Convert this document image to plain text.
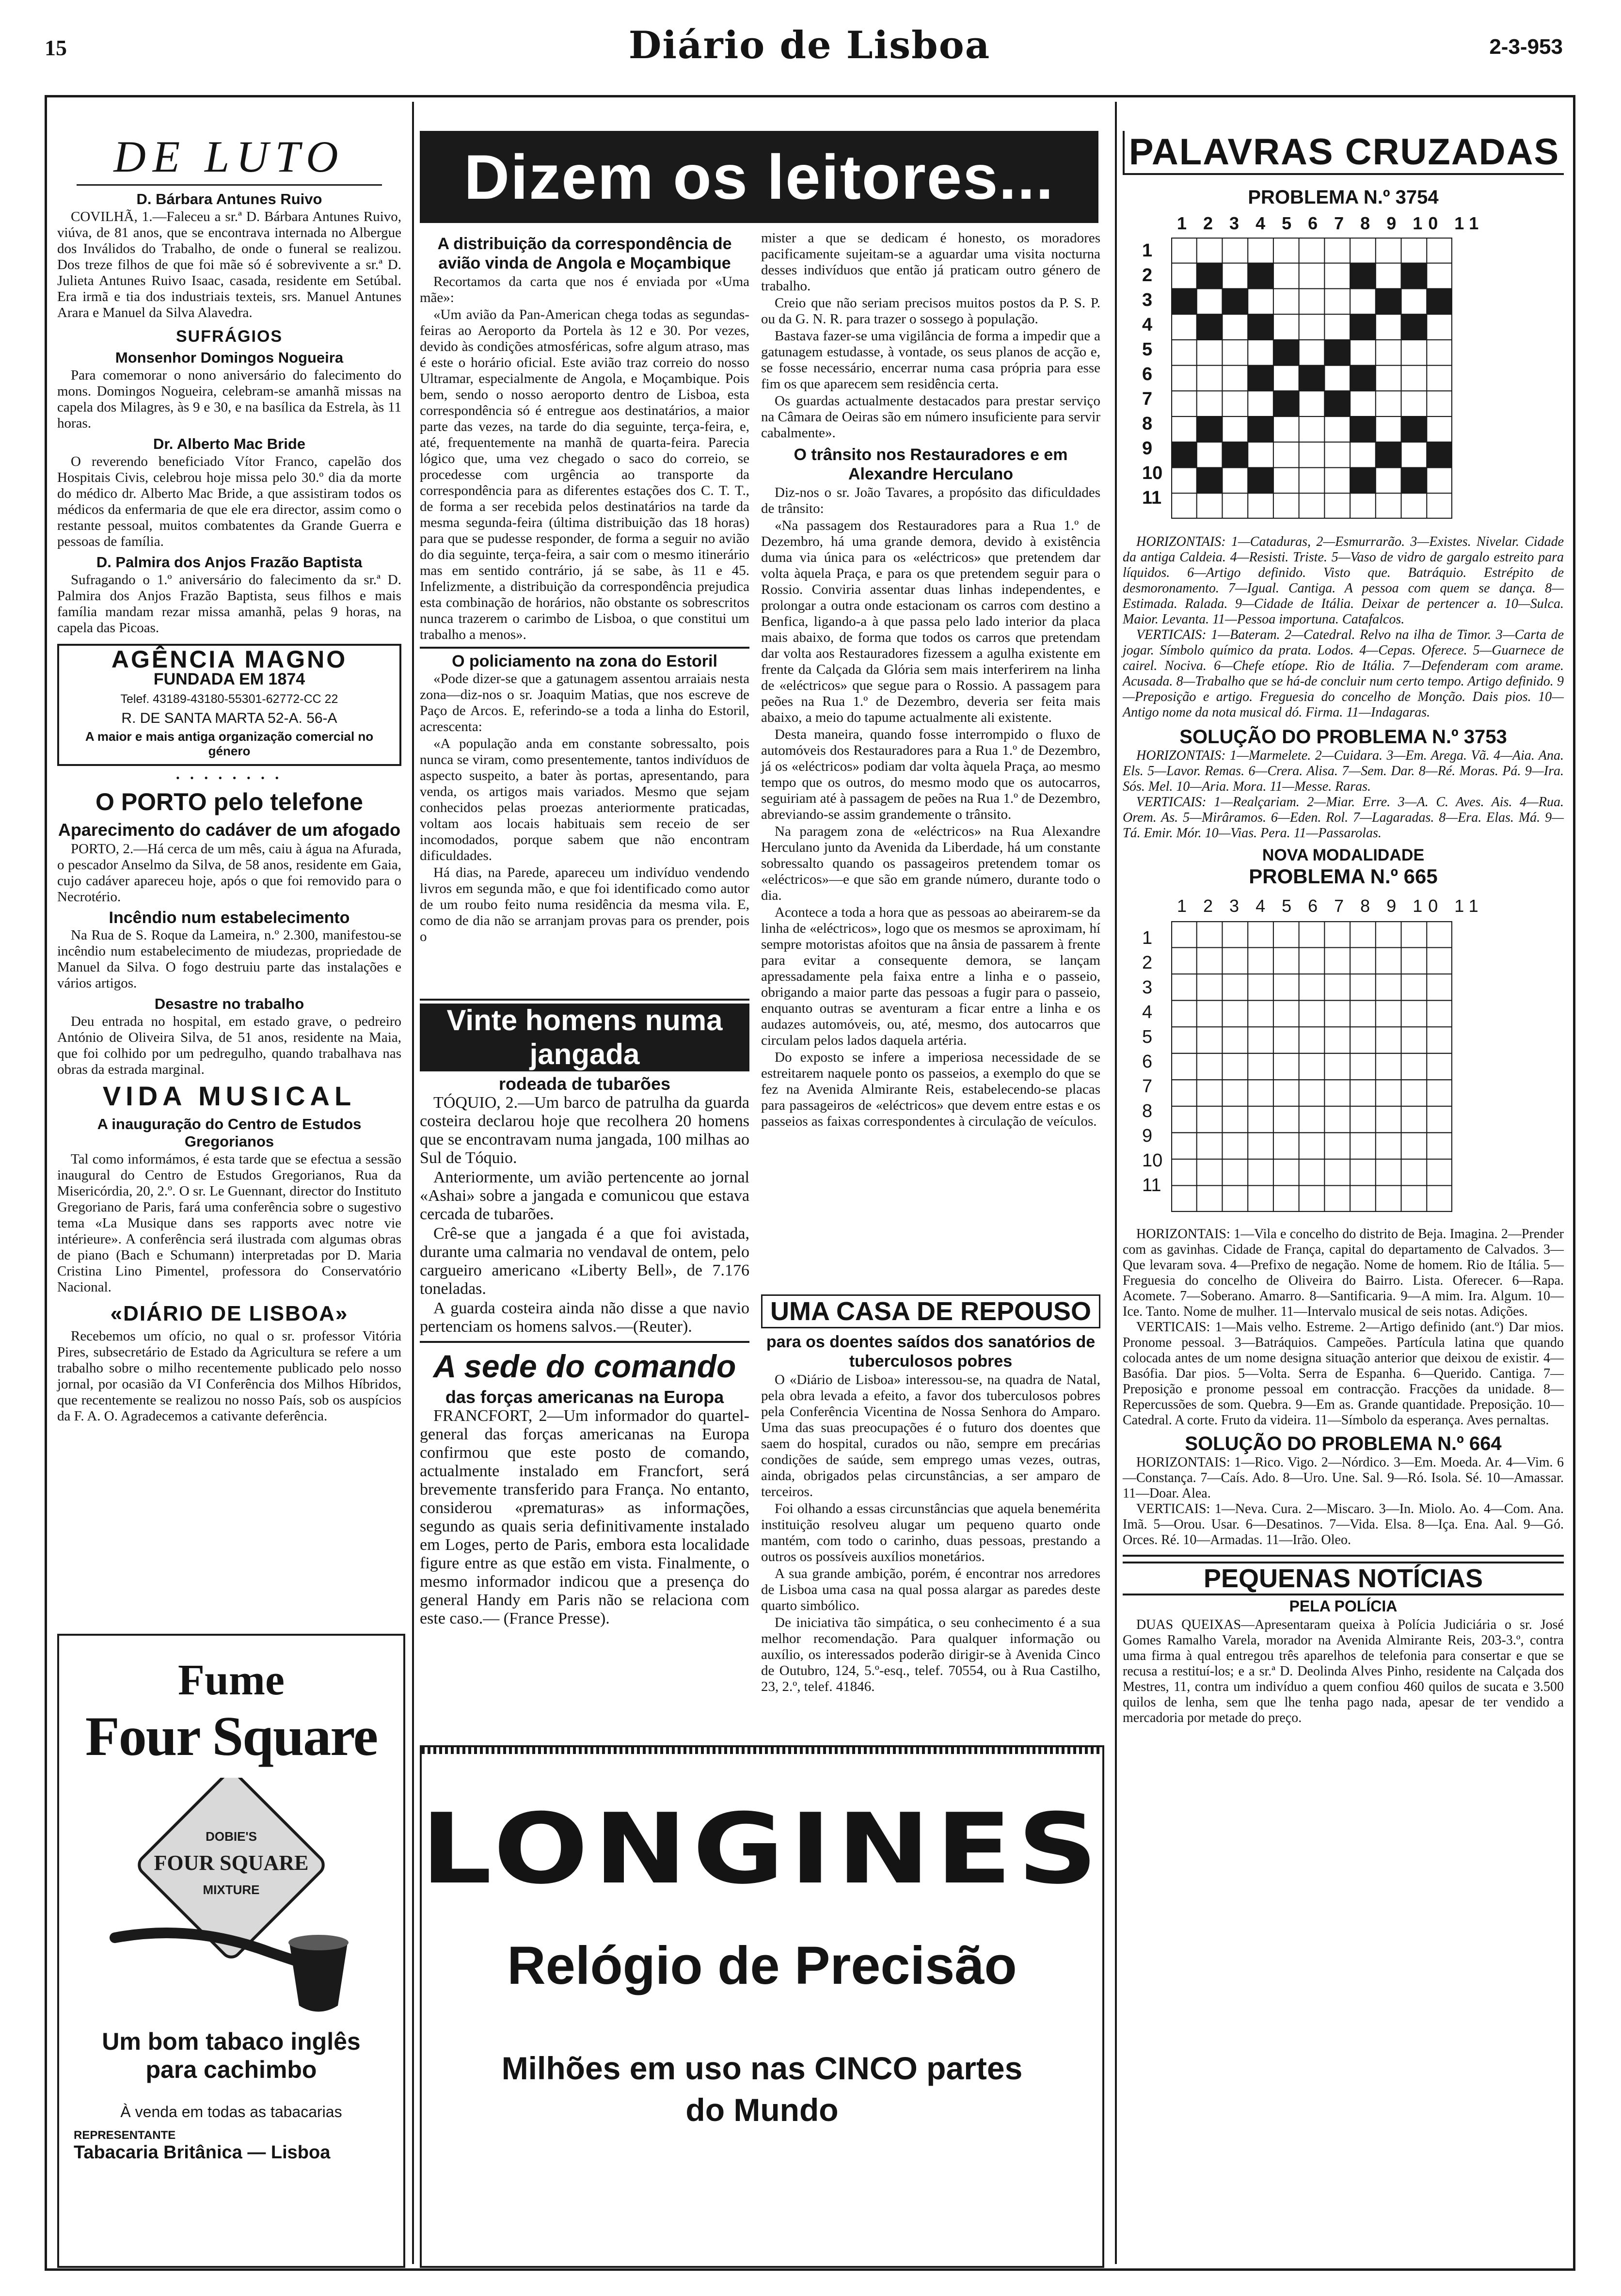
15	Diário de Lisboa	2-3-953
DE LUTO

D. Bárbara Antunes Ruivo

COVILHÃ, 1.—Faleceu a sr.ª D. Bárbara Antunes Ruivo, viúva, de 81 anos, que se encontrava internada no Albergue dos Inválidos do Trabalho, de onde o funeral se realizou. Dos treze filhos de que foi mãe só é sobrevivente a sr.ª D. Julieta Antunes Ruivo Isaac, casada, residente em Setúbal. Era irmã e tia dos industriais texteis, srs. Manuel Antunes Arara e Manuel da Silva Alavedra.

SUFRÁGIOS

Monsenhor Domingos Nogueira

Para comemorar o nono aniversário do falecimento do mons. Domingos Nogueira, celebram-se amanhã missas na capela dos Milagres, às 9 e 30, e na basílica da Estrela, às 11 horas.

Dr. Alberto Mac Bride

O reverendo beneficiado Vítor Franco, capelão dos Hospitais Civis, celebrou hoje missa pelo 30.º dia da morte do médico dr. Alberto Mac Bride, a que assistiram todos os médicos da enfermaria de que ele era director, assim como o restante pessoal, muitos combatentes da Grande Guerra e pessoas de família.

D. Palmira dos Anjos Frazão Baptista

Sufragando o 1.º aniversário do falecimento da sr.ª D. Palmira dos Anjos Frazão Baptista, seus filhos e mais família mandam rezar missa amanhã, pelas 9 horas, na capela das Picoas.

AGÊNCIA MAGNO
FUNDADA EM 1874
Telef. 43189-43180-55301-62772-CC 22
R. DE SANTA MARTA 52-A. 56-A
A maior e mais antiga organização comercial no género
• • • • • • • •

O PORTO pelo telefone

Aparecimento do cadáver de um afogado

PORTO, 2.—Há cerca de um mês, caiu à água na Afurada, o pescador Anselmo da Silva, de 58 anos, residente em Gaia, cujo cadáver apareceu hoje, após o que foi removido para o Necrotério.

Incêndio num estabelecimento

Na Rua de S. Roque da Lameira, n.º 2.300, manifestou-se incêndio num estabelecimento de miudezas, propriedade de Manuel da Silva. O fogo destruiu parte das instalações e vários artigos.

Desastre no trabalho

Deu entrada no hospital, em estado grave, o pedreiro António de Oliveira Silva, de 51 anos, residente na Maia, que foi colhido por um pedregulho, quando trabalhava nas obras da estrada marginal.

VIDA MUSICAL

A inauguração do Centro de Estudos Gregorianos

Tal como informámos, é esta tarde que se efectua a sessão inaugural do Centro de Estudos Gregorianos, Rua da Misericórdia, 20, 2.º. O sr. Le Guennant, director do Instituto Gregoriano de Paris, fará uma conferência sobre o sugestivo tema «La Musique dans ses rapports avec notre vie intérieure». A conferência será ilustrada com algumas obras de piano (Bach e Schumann) interpretadas por D. Maria Cristina Lino Pimentel, professora do Conservatório Nacional.

«DIÁRIO DE LISBOA»

Recebemos um ofício, no qual o sr. professor Vitória Pires, subsecretário de Estado da Agricultura se refere a um trabalho sobre o milho recentemente publicado pelo nosso jornal, por ocasião da VI Conferência dos Milhos Híbridos, que recentemente se realizou no nosso País, sob os auspícios da F. A. O. Agradecemos a cativante deferência.

Fume
Four Square
DOBIE'S
FOUR SQUARE
MIXTURE
Um bom tabaco inglês
para cachimbo
À venda em todas as tabacarias
REPRESENTANTE
Tabacaria Britânica — Lisboa
Dizem os leitores...

A distribuição da correspondência de avião vinda de Angola e Moçambique

Recortamos da carta que nos é enviada por «Uma mãe»:

«Um avião da Pan-American chega todas as segundas-feiras ao Aeroporto da Portela às 12 e 30. Por vezes, devido às condições atmosféricas, sofre algum atraso, mas é este o horário oficial. Este avião traz correio do nosso Ultramar, especialmente de Angola, e Moçambique. Pois bem, sendo o nosso aeroporto dentro de Lisboa, esta correspondência só é entregue aos destinatários, a maior parte das vezes, na tarde do dia seguinte, terça-feira, e, até, frequentemente na manhã de quarta-feira. Parecia lógico que, uma vez chegado o saco do correio, se procedesse com urgência ao transporte da correspondência para as diferentes estações dos C. T. T., de forma a ser recebida pelos destinatários na tarde da mesma segunda-feira (última distribuição das 18 horas) para que se pudesse responder, de forma a seguir no avião do dia seguinte, terça-feira, a sair com o mesmo itinerário mas em sentido contrário, já se sabe, às 11 e 45. Infelizmente, a distribuição da correspondência prejudica esta combinação de horários, não obstante os sobrescritos nunca trazerem o carimbo de Lisboa, o que constitui um trabalho a menos».

O policiamento na zona do Estoril

«Pode dizer-se que a gatunagem assentou arraiais nesta zona—diz-nos o sr. Joaquim Matias, que nos escreve de Paço de Arcos. E, referindo-se a toda a linha do Estoril, acrescenta:

«A população anda em constante sobressalto, pois nunca se viram, como presentemente, tantos indivíduos de aspecto suspeito, a bater às portas, apresentando, para venda, os artigos mais variados. Mesmo que sejam conhecidos pelas proezas anteriormente praticadas, voltam aos locais habituais sem receio de ser incomodados, porque sabem que não encontram dificuldades.

Há dias, na Parede, apareceu um indivíduo vendendo livros em segunda mão, e que foi identificado como autor de um roubo feito numa residência da mesma vila. E, como de dia não se arranjam provas para os prender, pois o

mister a que se dedicam é honesto, os moradores pacificamente sujeitam-se a aguardar uma visita nocturna desses indivíduos que então já praticam outro género de trabalho.

Creio que não seriam precisos muitos postos da P. S. P. ou da G. N. R. para trazer o sossego à população.

Bastava fazer-se uma vigilância de forma a impedir que a gatunagem estudasse, à vontade, os seus planos de acção e, se fosse necessário, encerrar numa casa própria para esse fim os que aparecem sem residência certa.

Os guardas actualmente destacados para prestar serviço na Câmara de Oeiras são em número insuficiente para servir cabalmente».

O trânsito nos Restauradores e em Alexandre Herculano

Diz-nos o sr. João Tavares, a propósito das dificuldades de trânsito:

«Na passagem dos Restauradores para a Rua 1.º de Dezembro, há uma grande demora, devido à existência duma via única para os «eléctricos» que pretendem dar volta àquela Praça, e para os que pretendem seguir para o Rossio. Conviria assentar duas linhas independentes, e prolongar a outra onde estacionam os carros com destino a Benfica, ligando-a à que passa pelo lado interior da placa mais abaixo, de forma que todos os carros que pretendam dar volta aos Restauradores fizessem a agulha existente em frente da Calçada da Glória sem mais interferirem na linha de «eléctricos» que segue para o Rossio. A passagem para peões na Rua 1.º de Dezembro, deveria ser feita mais abaixo, a meio do tapume actualmente ali existente.

Desta maneira, quando fosse interrompido o fluxo de automóveis dos Restauradores para a Rua 1.º de Dezembro, já os «eléctricos» podiam dar volta àquela Praça, ao mesmo tempo que os outros, do mesmo modo que os autocarros, seguiriam até à passagem de peões na Rua 1.º de Dezembro, abreviando-se assim grandemente o trânsito.

Na paragem zona de «eléctricos» na Rua Alexandre Herculano junto da Avenida da Liberdade, há um constante sobressalto quando os passageiros pretendem tomar os «eléctricos»—e que são em grande número, durante todo o dia.

Acontece a toda a hora que as pessoas ao abeirarem-se da linha de «eléctricos», logo que os mesmos se aproximam, hí sempre motoristas afoitos que na ânsia de passarem à frente para evitar a consequente demora, se lançam apressadamente pela faixa entre a linha e o passeio, obrigando a maior parte das pessoas a fugir para o passeio, enquanto outras se aventuram a ficar entre a linha e os audazes automóveis, ou, até, mesmo, dos autocarros que circulam pelos lados daquela artéria.

Do exposto se infere a imperiosa necessidade de se estreitarem naquele ponto os passeios, a exemplo do que se fez na Avenida Almirante Reis, estabelecendo-se placas para passageiros de «eléctricos» que devem entre estas e os passeios as faixas correspondentes à circulação de veículos.

Vinte homens numa jangada

rodeada de tubarões

TÓQUIO, 2.—Um barco de patrulha da guarda costeira declarou hoje que recolhera 20 homens que se encontravam numa jangada, 100 milhas ao Sul de Tóquio.

Anteriormente, um avião pertencente ao jornal «Ashai» sobre a jangada e comunicou que estava cercada de tubarões.

Crê-se que a jangada é a que foi avistada, durante uma calmaria no vendaval de ontem, pelo cargueiro americano «Liberty Bell», de 7.176 toneladas.

A guarda costeira ainda não disse a que navio pertenciam os homens salvos.—(Reuter).

A sede do comando

das forças americanas na Europa

FRANCFORT, 2—Um informador do quartel-general das forças americanas na Europa confirmou que este posto de comando, actualmente instalado em Francfort, será brevemente transferido para França. No entanto, considerou «prematuras» as informações, segundo as quais seria definitivamente instalado em Loges, perto de Paris, embora esta localidade figure entre as que estão em vista. Finalmente, o mesmo informador indicou que a presença do general Handy em Paris não se relaciona com este caso.— (France Presse).

UMA CASA DE REPOUSO

para os doentes saídos dos sanatórios de tuberculosos pobres

O «Diário de Lisboa» interessou-se, na quadra de Natal, pela obra levada a efeito, a favor dos tuberculosos pobres pela Conferência Vicentina de Nossa Senhora do Amparo. Uma das suas preocupações é o futuro dos doentes que saem do hospital, curados ou não, sempre em precárias condições de saúde, sem emprego umas vezes, outras, ainda, obrigados pelas circunstâncias, a ser amparo de terceiros.

Foi olhando a essas circunstâncias que aquela benemérita instituição resolveu alugar um pequeno quarto onde mantém, com todo o carinho, duas pessoas, prestando a outros os possíveis auxílios monetários.

A sua grande ambição, porém, é encontrar nos arredores de Lisboa uma casa na qual possa alargar as paredes deste quarto simbólico.

De iniciativa tão simpática, o seu conhecimento é a sua melhor recomendação. Para qualquer informação ou auxílio, os interessados poderão dirigir-se à Avenida Cinco de Outubro, 124, 5.º-esq., telef. 70554, ou à Rua Castilho, 23, 2.º, telef. 41846.

LONGINES
Relógio de Precisão
Milhões em uso nas CINCO partes
do Mundo
PALAVRAS CRUZADAS
PROBLEMA N.º 3754
1 2 3 4 5 6 7 8 9 10 11
1
2
3
4
5
6
7
8
9
10
11

HORIZONTAIS: 1—Cataduras, 2—Esmurrarão. 3—Existes. Nivelar. Cidade da antiga Caldeia. 4—Resisti. Triste. 5—Vaso de vidro de gargalo estreito para líquidos. 6—Artigo definido. Visto que. Batráquio. Estrépito de desmoronamento. 7—Igual. Cantiga. A pessoa com quem se dança. 8—Estimada. Ralada. 9—Cidade de Itália. Deixar de pertencer a. 10—Sulca. Maior. Levanta. 11—Pessoa importuna. Catafalcos.

VERTICAIS: 1—Bateram. 2—Catedral. Relvo na ilha de Timor. 3—Carta de jogar. Símbolo químico da prata. Lodos. 4—Cepas. Oferece. 5—Guarnece de cairel. Nociva. 6—Chefe etíope. Rio de Itália. 7—Defenderam com arame. Acusada. 8—Trabalho que se há-de concluir num certo tempo. Artigo definido. 9—Preposição e artigo. Freguesia do concelho de Monção. Dais pios. 10—Antigo nome da nota musical dó. Firma. 11—Indagaras.

SOLUÇÃO DO PROBLEMA N.º 3753

HORIZONTAIS: 1—Marmelete. 2—Cuidara. 3—Em. Arega. Vã. 4—Aia. Ana. Els. 5—Lavor. Remas. 6—Crera. Alisa. 7—Sem. Dar. 8—Ré. Moras. Pá. 9—Ira. Sós. Mel. 10—Aria. Mora. 11—Messe. Raras.

VERTICAIS: 1—Realçariam. 2—Miar. Erre. 3—A. C. Aves. Ais. 4—Rua. Orem. As. 5—Mirâramos. 6—Eden. Rol. 7—Lagaradas. 8—Era. Elas. Má. 9—Tá. Emir. Mór. 10—Vias. Pera. 11—Passarolas.

NOVA MODALIDADE
PROBLEMA N.º 665
1 2 3 4 5 6 7 8 9 10 11
1
2
3
4
5
6
7
8
9
10
11

HORIZONTAIS: 1—Vila e concelho do distrito de Beja. Imagina. 2—Prender com as gavinhas. Cidade de França, capital do departamento de Calvados. 3—Que levaram sova. 4—Prefixo de negação. Nome de homem. Rio de Itália. 5—Freguesia do concelho de Oliveira do Bairro. Lista. Oferecer. 6—Rapa. Acomete. 7—Soberano. Amarro. 8—Santificaria. 9—A mim. Ira. Algum. 10—Ice. Tanto. Nome de mulher. 11—Intervalo musical de seis notas. Adições.

VERTICAIS: 1—Mais velho. Estreme. 2—Artigo definido (ant.º) Dar mios. Pronome pessoal. 3—Batráquios. Campeões. Partícula latina que quando colocada antes de um nome designa situação anterior que deixou de existir. 4—Basófia. Dar pios. 5—Volta. Serra de Espanha. 6—Querido. Cantiga. 7—Preposição e pronome pessoal em contracção. Fracções da unidade. 8—Repercussões de som. Quebra. 9—Em as. Grande quantidade. Preposição. 10—Catedral. A corte. Fruto da videira. 11—Símbolo da esperança. Aves pernaltas.

SOLUÇÃO DO PROBLEMA N.º 664

HORIZONTAIS: 1—Rico. Vigo. 2—Nórdico. 3—Em. Moeda. Ar. 4—Vim. 6—Constança. 7—Caís. Ado. 8—Uro. Une. Sal. 9—Ró. Isola. Sé. 10—Amassar. 11—Doar. Alea.

VERTICAIS: 1—Neva. Cura. 2—Miscaro. 3—In. Miolo. Ao. 4—Com. Ana. Imã. 5—Orou. Usar. 6—Desatinos. 7—Vida. Elsa. 8—Iça. Ena. Aal. 9—Gó. Orces. Ré. 10—Armadas. 11—Irão. Oleo.

PEQUENAS NOTÍCIAS
PELA POLÍCIA

DUAS QUEIXAS—Apresentaram queixa à Polícia Judiciária o sr. José Gomes Ramalho Varela, morador na Avenida Almirante Reis, 203-3.º, contra uma firma à qual entregou três aparelhos de telefonia para consertar e que se recusa a restituí-los; e a sr.ª D. Deolinda Alves Pinho, residente na Calçada dos Mestres, 11, contra um indivíduo a quem confiou 460 quilos de sucata e 3.500 quilos de lenha, sem que lhe tenha pago nada, apesar de ter vendido a mercadoria por metade do preço.
